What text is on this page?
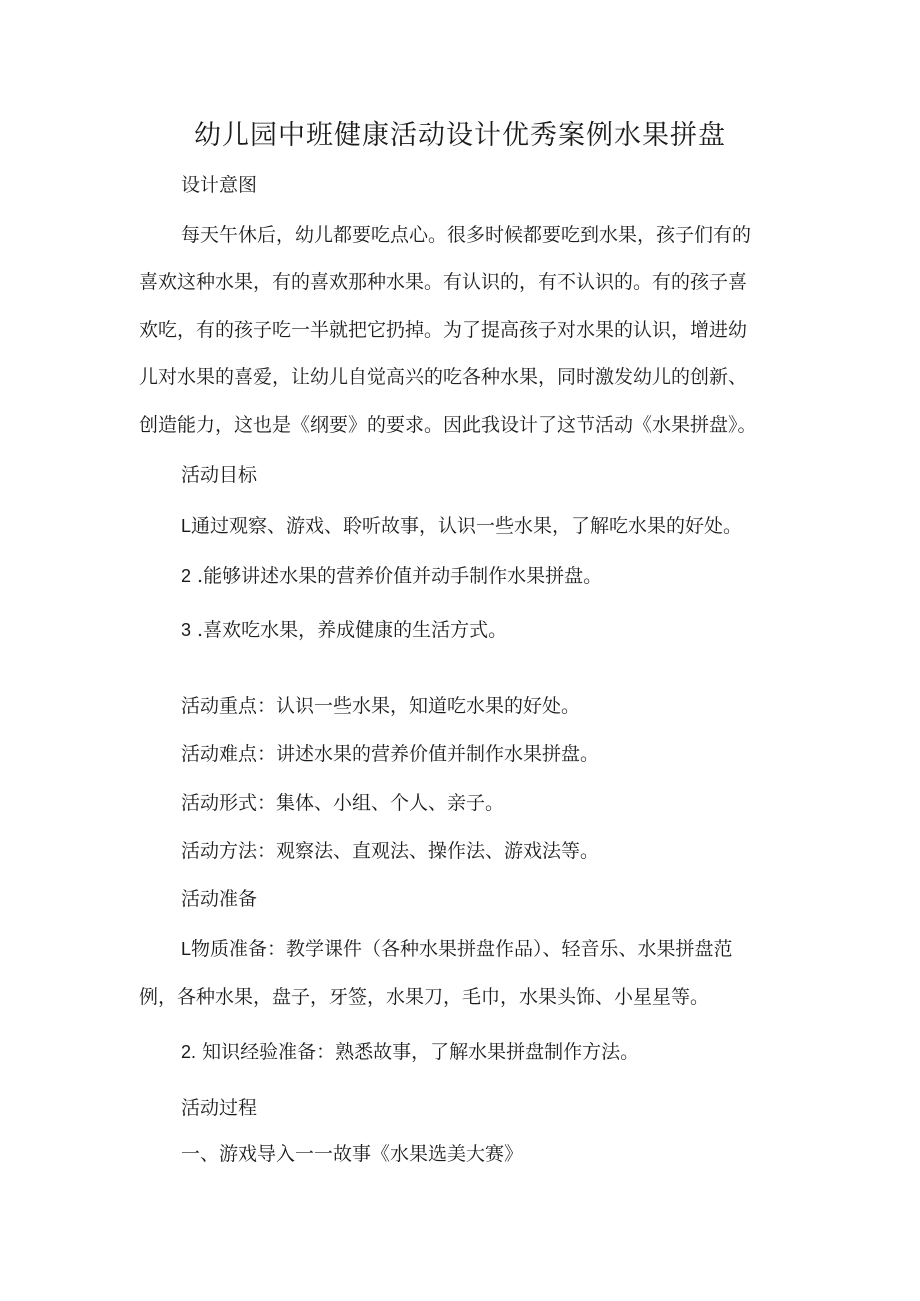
幼儿园中班健康活动设计优秀案例水果拼盘

设计意图

每天午休后，幼儿都要吃点心。很多时候都要吃到水果，孩子们有的

喜欢这种水果，有的喜欢那种水果。有认识的，有不认识的。有的孩子喜

欢吃，有的孩子吃一半就把它扔掉。为了提高孩子对水果的认识，增进幼

儿对水果的喜爱，让幼儿自觉高兴的吃各种水果，同时激发幼儿的创新、

创造能力，这也是《纲要》的要求。因此我设计了这节活动《水果拼盘》。

活动目标

L通过观察、游戏、聆听故事，认识一些水果，了解吃水果的好处。

2 .能够讲述水果的营养价值并动手制作水果拼盘。

3 .喜欢吃水果，养成健康的生活方式。

活动重点：认识一些水果，知道吃水果的好处。

活动难点：讲述水果的营养价值并制作水果拼盘。

活动形式：集体、小组、个人、亲子。

活动方法：观察法、直观法、操作法、游戏法等。

活动准备

L物质准备：教学课件（各种水果拼盘作品）、轻音乐、水果拼盘范

例，各种水果，盘子，牙签，水果刀，毛巾，水果头饰、小星星等。

2. 知识经验准备：熟悉故事，了解水果拼盘制作方法。

活动过程

一、游戏导入一一故事《水果选美大赛》
